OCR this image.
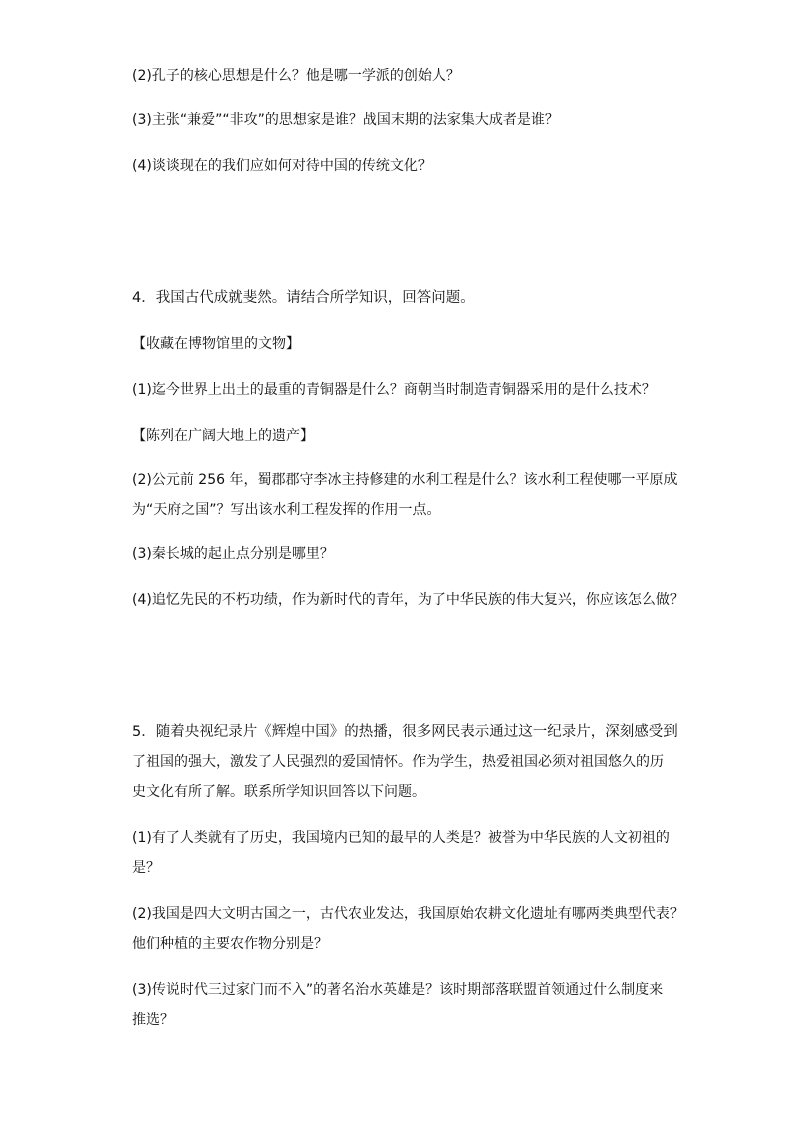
(2)孔子的核心思想是什么？他是哪一学派的创始人？
(3)主张“兼爱”“非攻”的思想家是谁？战国末期的法家集大成者是谁？
(4)谈谈现在的我们应如何对待中国的传统文化？
4．我国古代成就斐然。请结合所学知识，回答问题。
【收藏在博物馆里的文物】
(1)迄今世界上出土的最重的青铜器是什么？商朝当时制造青铜器采用的是什么技术？
【陈列在广阔大地上的遗产】
(2)公元前 256 年，蜀郡郡守李冰主持修建的水利工程是什么？该水利工程使哪一平原成
为“天府之国”？写出该水利工程发挥的作用一点。
(3)秦长城的起止点分别是哪里？
(4)追忆先民的不朽功绩，作为新时代的青年，为了中华民族的伟大复兴，你应该怎么做？
5．随着央视纪录片《辉煌中国》的热播，很多网民表示通过这一纪录片，深刻感受到
了祖国的强大，激发了人民强烈的爱国情怀。作为学生，热爱祖国必须对祖国悠久的历
史文化有所了解。联系所学知识回答以下问题。
(1)有了人类就有了历史，我国境内已知的最早的人类是？被誉为中华民族的人文初祖的
是？
(2)我国是四大文明古国之一，古代农业发达，我国原始农耕文化遗址有哪两类典型代表？
他们种植的主要农作物分别是？
(3)传说时代三过家门而不入”的著名治水英雄是？该时期部落联盟首领通过什么制度来
推选？
